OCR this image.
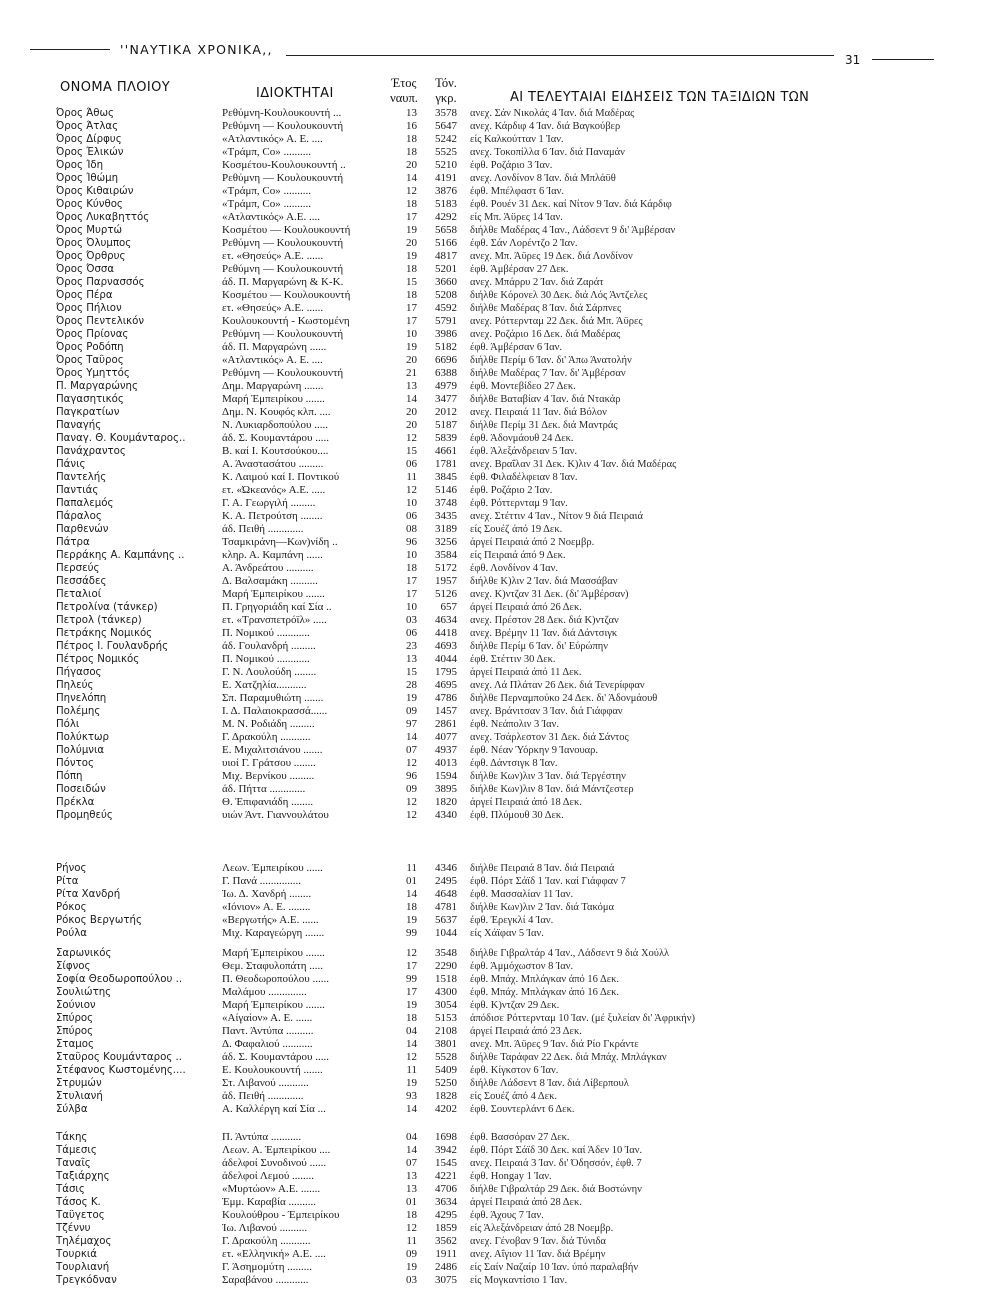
''ΝΑΥΤΙΚΑ ΧΡΟΝΙΚΑ,,
31
ΟΝΟΜΑ ΠΛΟΙΟΥ	ΙΔΙΟΚΤΗΤΑΙ
Έτος
ναυπ.
Τόν.
γκρ.	ΑΙ ΤΕΛΕΥΤΑΙΑΙ ΕΙΔΗΣΕΙΣ ΤΩΝ ΤΑΞΙΔΙΩΝ ΤΩΝ
Όρος Άθως	Ρεθύμνη-Κουλουκουντή ...	13	3578 ανεχ. Σάν Νικολάς 4 Ίαν. διά Μαδέρας
Όρος Άτλας	Ρεθύμνη — Κουλουκουντή	16	5647 ανεχ. Κάρδιφ 4 Ίαν. διά Βαγκούβερ
Όρος Δίρφυς	«Ατλαντικός» Α. Ε. ....	18	5242 είς Καλκούτταν 1 Ίαν.
Όρος Έλικών	«Τράμπ, Co» ..........	18	5525 ανεχ. Τοκοπίλλα 6 Ίαν. διά Παναμάν
Όρος Ίδη	Κοσμέτου-Κουλουκουντή ..	20	5210 έφθ. Ροζάριο 3 Ίαν.
Όρος Ίθώμη	Ρεθύμνη — Κουλουκουντή	14	4191 ανεχ. Λονδίνον 8 Ίαν. διά Μπλάϋθ
Όρος Κιθαιρών	«Τράμπ, Co» ..........	12	3876 έφθ. Μπέλφαστ 6 Ίαν.
Όρος Κύνθος	«Τράμπ, Co» ..........	18	5183 έφθ. Ρουέν 31 Δεκ. καί Νίτον 9 Ίαν. διά Κάρδιφ
Όρος Λυκαβηττός	«Ατλαντικός» Α.Ε. ....	17	4292 είς Μπ. Άϋρες 14 Ίαν.
Όρος Μυρτώ	Κοσμέτου — Κουλουκουντή	19	5658 διήλθε Μαδέρας 4 Ίαν., Λάδσεντ 9 δι' Άμβέρσαν
Όρος Όλυμπος	Ρεθύμνη — Κουλουκουντή	20	5166 έφθ. Σάν Λορέντζο 2 Ίαν.
Όρος Όρθρυς	ετ. «Θησεύς» Α.Ε. ......	19	4817 ανεχ. Μπ. Άϋρες 19 Δεκ. διά Λονδίνον
Όρος Όσσα	Ρεθύμνη — Κουλουκουντή	18	5201 έφθ. Άμβέρσαν 27 Δεκ.
Όρος Παρνασσός	άδ. Π. Μαργαρώνη & Κ-Κ.	15	3660 ανεχ. Μπάρρυ 2 Ίαν. διά Ζαράτ
Όρος Πέρα	Κοσμέτου — Κουλουκουντή	18	5208 διήλθε Κόρονελ 30 Δεκ. διά Λός Άντζελες
Όρος Πήλιον	ετ. «Θησεύς» Α.Ε. ......	17	4592 διήλθε Μαδέρας 8 Ίαν. διά Σάρπνες
Όρος Πεντελικόν	Κουλουκουντή - Κωστομένη	17	5791 ανεχ. Ρόττερνταμ 22 Δεκ. διά Μπ. Άϋρες
Όρος Πρίονας	Ρεθύμνη — Κουλουκουντή	10	3986 ανεχ. Ροζάριο 16 Δεκ. διά Μαδέρας
Όρος Ροδόπη	άδ. Π. Μαργαρώνη ......	19	5182 έφθ. Άμβέρσαν 6 Ίαν.
Όρος Ταΰρος	«Ατλαντικός» Α. Ε. ....	20	6696 διήλθε Περίμ 6 Ίαν. δι' Άπω Άνατολήν
Όρος Υμηττός	Ρεθύμνη — Κουλουκουντή	21	6388 διήλθε Μαδέρας 7 Ίαν. δι' Άμβέρσαν
Π. Μαργαρώνης	Δημ. Μαργαρώνη .......	13	4979 έφθ. Μοντεβίδεο 27 Δεκ.
Παγασητικός	Μαρή Έμπειρίκου .......	14	3477 διήλθε Βαταβίαν 4 Ίαν. διά Ντακάρ
Παγκρατίων	Δημ. Ν. Κουφός κλπ. ....	20	2012 ανεχ. Πειραιά 11 Ίαν. διά Βόλον
Παναγής	Ν. Λυκιαρδοπούλου .....	20	5187 διήλθε Περίμ 31 Δεκ. διά Μαντράς
Παναγ. Θ. Κουμάνταρος..	άδ. Σ. Κουμαντάρου .....	12	5839 έφθ. Άδονμάουθ 24 Δεκ.
Πανάχραντος	Β. καί Ι. Κουτσούκου....	15	4661 έφθ. Άλεξάνδρειαν 5 Ίαν.
Πάνις	Α. Άναστασάτου .........	06	1781 ανεχ. Βραΐλαν 31 Δεκ. Κ)λιν 4 Ίαν. διά Μαδέρας
Παντελής	Κ. Λαιμού καί Ι. Ποντικού	11	3845 έφθ. Φιλαδέλφειαν 8 Ίαν.
Παντιάς	ετ. «Ώκεανός» Α.Ε. .....	12	5146 έφθ. Ροζάριο 2 Ίαν.
Παπαλεμός	Γ. Α. Γεωργιλή .........	10	3748 έφθ. Ρόττερνταμ 9 Ίαν.
Πάραλος	Κ. Α. Πετρούτση ........	06	3435 ανεχ. Στέττιν 4 Ίαν., Νίτον 9 διά Πειραιά
Παρθενών	άδ. Πειθή .............	08	3189 είς Σουέζ άπό 19 Δεκ.
Πάτρα	Τσαμκιράνη—Κων)νίδη ..	96	3256 άργεί Πειραιά άπό 2 Νοεμβρ.
Περράκης Α. Καμπάνης ..	κληρ. Α. Καμπάνη ......	10	3584 είς Πειραιά άπό 9 Δεκ.
Περσεύς	Α. Άνδρεάτου ..........	18	5172 έφθ. Λονδίνον 4 Ίαν.
Πεσσάδες	Δ. Βαλσαμάκη ..........	17	1957 διήλθε Κ)λιν 2 Ίαν. διά Μασσάβαν
Πεταλιοί	Μαρή Έμπειρίκου .......	17	5126 ανεχ. Κ)ντζαν 31 Δεκ. (δι' Άμβέρσαν)
Πετρολίνα (τάνκερ)	Π. Γρηγοριάδη καί Σία ..	10	657 άργεί Πειραιά άπό 26 Δεκ.
Πετρολ (τάνκερ)	ετ. «Τρανσπετρόϊλ» .....	03	4634 ανεχ. Πρέστον 28 Δεκ. διά Κ)ντζαν
Πετράκης Νομικός	Π. Νομικού ............	06	4418 ανεχ. Βρέμην 11 Ίαν. διά Δάντσιγκ
Πέτρος Ι. Γουλανδρής	άδ. Γουλανδρή .........	23	4693 διήλθε Περίμ 6 Ίαν. δι' Εύρώπην
Πέτρος Νομικός	Π. Νομικού ............	13	4044 έφθ. Στέττιν 30 Δεκ.
Πήγασος	Γ. Ν. Λουλούδη ........	15	1795 άργεί Πειραιά άπό 11 Δεκ.
Πηλεύς	Ε. Χατζηλία...........	28	4695 ανεχ. Λά Πλάταν 26 Δεκ. διά Τενερίφφαν
Πηνελόπη	Σπ. Παραμυθιώτη .......	19	4786 διήλθε Περναμπούκο 24 Δεκ. δι' Άδονμάουθ
Πολέμης	Ι. Δ. Παλαιοκρασσά......	09	1457 ανεχ. Βράνιτσαν 3 Ίαν. διά Γιάφφαν
Πόλι	Μ. Ν. Ροδιάδη .........	97	2861 έφθ. Νεάπολιν 3 Ίαν.
Πολύκτωρ	Γ. Δρακούλη ...........	14	4077 ανεχ. Τσάρλεστον 31 Δεκ. διά Σάντος
Πολύμνια	Ε. Μιχαλιτσιάνου .......	07	4937 έφθ. Νέαν Ύόρκην 9 Ίανουαρ.
Πόντος	υιοί Γ. Γράτσου ........	12	4013 έφθ. Δάντσιγκ 8 Ίαν.
Πόπη	Μιχ. Βερνίκου .........	96	1594 διήλθε Κων)λιν 3 Ίαν. διά Τεργέστην
Ποσειδών	άδ. Πήττα .............	09	3895 διήλθε Κων)λιν 8 Ίαν. διά Μάντζεστερ
Πρέκλα	Θ. Έπιφανιάδη ........	12	1820 άργεί Πειραιά άπό 18 Δεκ.
Προμηθεύς	υιών Άντ. Γιαννουλάτου	12	4340 έφθ. Πλύμουθ 30 Δεκ.
Ρήνος	Λεων. Έμπειρίκου ......	11	4346 διήλθε Πειραιά 8 Ίαν. διά Πειραιά
Ρίτα	Γ. Πανά ...............	01	2495 έφθ. Πόρτ Σάϊδ 1 Ίαν. καί Γιάφφαν 7
Ρίτα Χανδρή	Ίω. Δ. Χανδρή ........	14	4648 έφθ. Μασσαλίαν 11 Ίαν.
Ρόκος	«Ιόνιον» Α. Ε. ........	18	4781 διήλθε Κων)λιν 2 Ίαν. διά Τακόμα
Ρόκος Βεργωτής	«Βεργωτής» Α.Ε. ......	19	5637 έφθ. Έρεγκλί 4 Ίαν.
Ρούλα	Μιχ. Καραγεώργη .......	99	1044 είς Χάϊφαν 5 Ίαν.
Σαρωνικός	Μαρή Έμπειρίκου .......	12	3548 διήλθε Γιβραλτάρ 4 Ίαν., Λάδσεντ 9 διά Χούλλ
Σίφνος	Θεμ. Σταφυλοπάτη .....	17	2290 έφθ. Άμμόχωστον 8 Ίαν.
Σοφία Θεοδωροπούλου ..	Π. Θεοδωροπούλου ......	99	1518 έφθ. Μπάχ. Μπλάγκαν άπό 16 Δεκ.
Σουλιώτης	Μαλάμου ..............	17	4300 έφθ. Μπάχ. Μπλάγκαν άπό 16 Δεκ.
Σούνιον	Μαρή Έμπειρίκου .......	19	3054 έφθ. Κ)ντζαν 29 Δεκ.
Σπύρος	«Αίγαίον» Α. Ε. ......	18	5153 άπόδισε Ρόττερνταμ 10 Ίαν. (μέ ξυλείαν δι' Άφρικήν)
Σπύρος	Παντ. Άντύπα ..........	04	2108 άργεί Πειραιά άπό 23 Δεκ.
Σταμος	Δ. Φαφαλιού ...........	14	3801 ανεχ. Μπ. Άϋρες 9 Ίαν. διά Ρίο Γκράντε
Σταΰρος Κουμάνταρος ..	άδ. Σ. Κουμαντάρου .....	12	5528 διήλθε Ταράφαν 22 Δεκ. διά Μπάχ. Μπλάγκαν
Στέφανος Κωστομένης....	Ε. Κουλουκουντή .......	11	5409 έφθ. Κίγκστον 6 Ίαν.
Στρυμών	Στ. Λιβανού ...........	19	5250 διήλθε Λάδσεντ 8 Ίαν. διά Λίβερπουλ
Στυλιανή	άδ. Πειθή .............	93	1828 είς Σουέζ άπό 4 Δεκ.
Σύλβα	Α. Καλλέργη καί Σία ...	14	4202 έφθ. Σουντερλάντ 6 Δεκ.
Τάκης	Π. Άντύπα ...........	04	1698 έφθ. Βασσόραν 27 Δεκ.
Τάμεσις	Λεων. Α. Έμπειρίκου ....	14	3942 έφθ. Πόρτ Σάϊδ 30 Δεκ. καί Άδεν 10 Ίαν.
Ταναΐς	άδελφοί Συνοδινού ......	07	1545 ανεχ. Πειραιά 3 Ίαν. δι' Όδησσόν, έφθ. 7
Ταξιάρχης	άδελφοί Λεμού ........	13	4221 έφθ. Hongay 1 Ίαν.
Τάσις	«Μυρτώον» Α.Ε. .......	13	4706 διήλθε Γιβραλτάρ 29 Δεκ. διά Βοστώνην
Τάσος Κ.	Έμμ. Καραβία ..........	01	3634 άργεί Πειραιά άπό 28 Δεκ.
Ταΰγετος	Κουλούθρου - Έμπειρίκου	18	4295 έφθ. Άχους 7 Ίαν.
Τζέννυ	Ίω. Λιβανού ..........	12	1859 είς Άλεξάνδρειαν άπό 28 Νοεμβρ.
Τηλέμαχος	Γ. Δρακούλη ...........	11	3562 ανεχ. Γένοβαν 9 Ίαν. διά Τύνιδα
Τουρκιά	ετ. «Ελληνική» Α.Ε. ....	09	1911 ανεχ. Αΐγιον 11 Ίαν. διά Βρέμην
Τουρλιανή	Γ. Άσημομύτη .........	19	2486 είς Σαίν Ναζαίρ 10 Ίαν. ύπό παραλαβήν
Τρεγκόδναν	Σαραβάνου ............	03	3075 είς Μογκαντίσιο 1 Ίαν.
